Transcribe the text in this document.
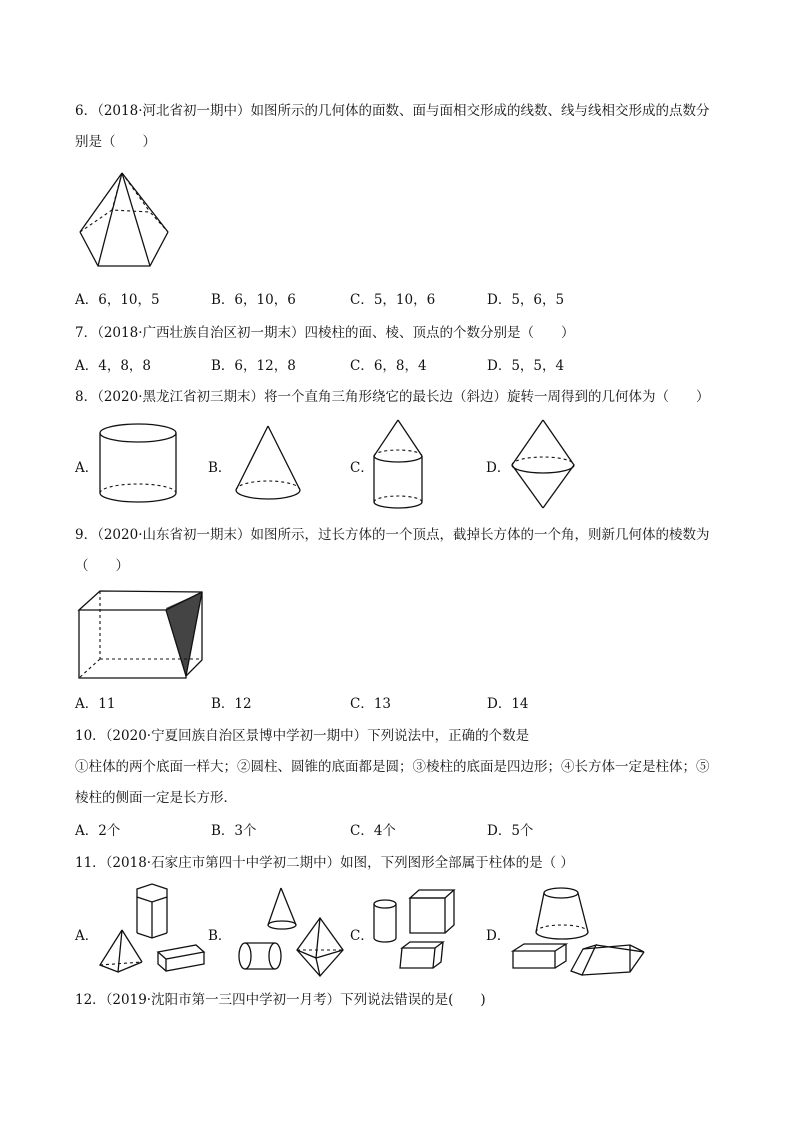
6．（2018·河北省初一期中）如图所示的几何体的面数、面与面相交形成的线数、线与线相交形成的点数分
别是（　　）
A．6，10，5	B．6，10，6	C．5，10，6	D．5，6，5
7．（2018·广西壮族自治区初一期末）四棱柱的面、棱、顶点的个数分别是（　　）
A．4，8，8	B．6，12，8	C．6，8，4	D．5，5，4
8．（2020·黑龙江省初三期末）将一个直角三角形绕它的最长边（斜边）旋转一周得到的几何体为（　　）
A．	B．	C．	D．
9．（2020·山东省初一期末）如图所示，过长方体的一个顶点，截掉长方体的一个角，则新几何体的棱数为
（　　）
A．11	B．12	C．13	D．14
10．（2020·宁夏回族自治区景博中学初一期中）下列说法中，正确的个数是
①柱体的两个底面一样大；②圆柱、圆锥的底面都是圆；③棱柱的底面是四边形；④长方体一定是柱体；⑤
棱柱的侧面一定是长方形．
A．2个	B．3个	C．4个	D．5个
11．（2018·石家庄市第四十中学初二期中）如图，下列图形全部属于柱体的是（ ）
A．	B．	C．	D．
12．（2019·沈阳市第一三四中学初一月考）下列说法错误的是(　　)
